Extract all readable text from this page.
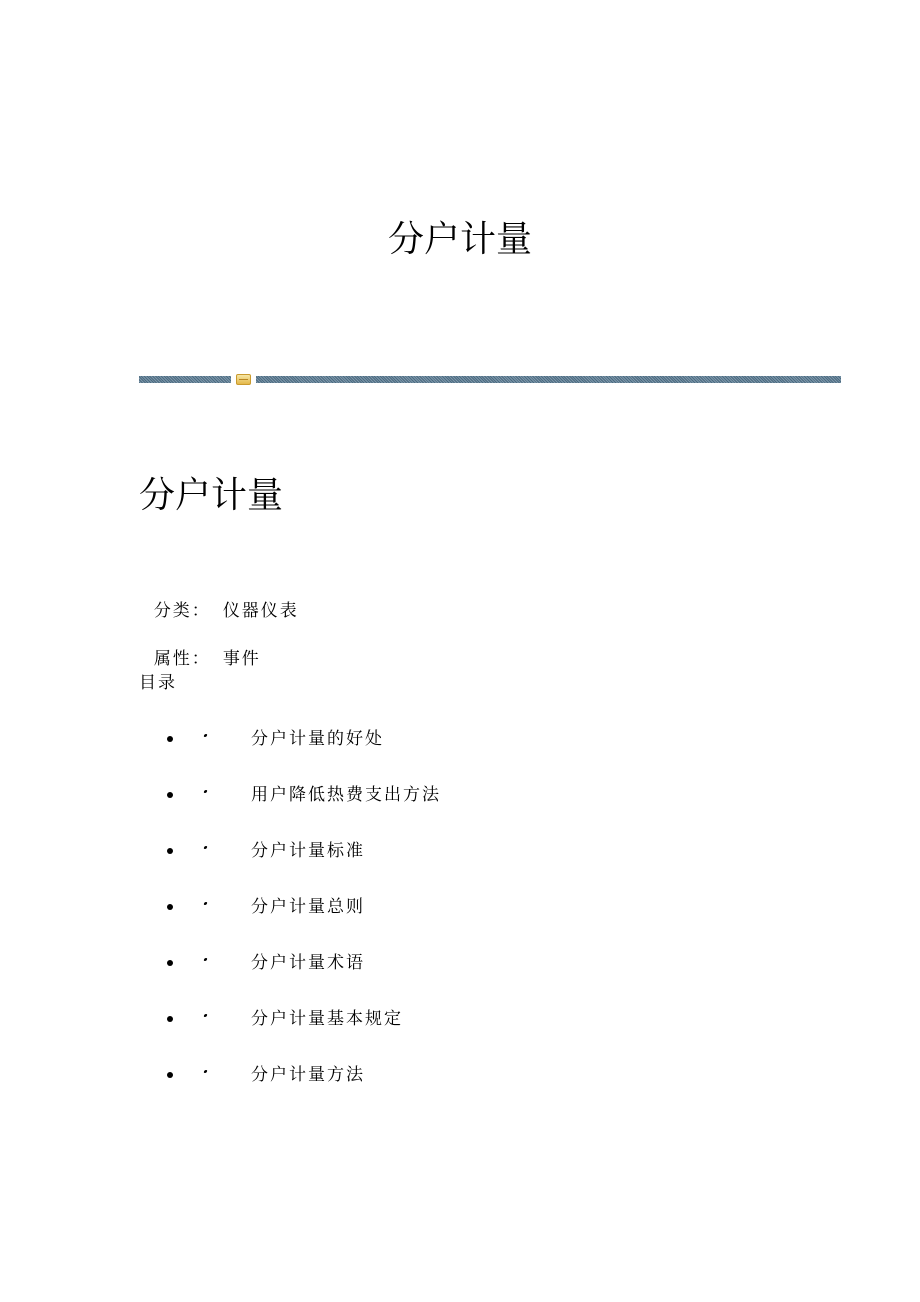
分户计量
分户计量

分类： 仪器仪表

属性： 事件

目录
分户计量的好处
用户降低热费支出方法
分户计量标准
分户计量总则
分户计量术语
分户计量基本规定
分户计量方法
